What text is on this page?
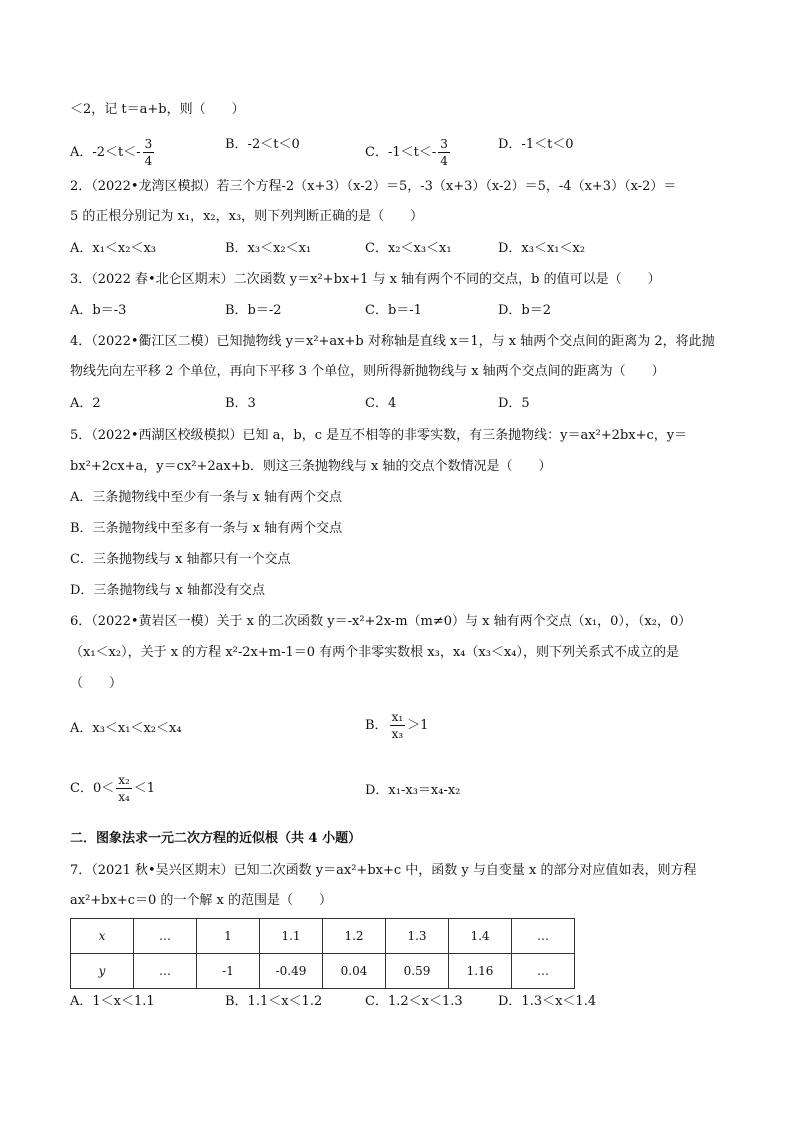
＜2，记 t＝a+b，则（　　）
A．$-2<t<- \frac{3}{4}$	B．-2＜t＜0
C．$-1<t<- \frac{3}{4}$	D．-1＜t＜0
2．（2022•龙湾区模拟）若三个方程-2（x+3）（x-2）＝5，-3（x+3）（x-2）＝5，-4（x+3）（x-2）＝
5 的正根分别记为 x₁，x₂，x₃，则下列判断正确的是（　　）
A．x₁＜x₂＜x₃	B．x₃＜x₂＜x₁	C．x₂＜x₃＜x₁	D．x₃＜x₁＜x₂
3．（2022 春•北仑区期末）二次函数 y＝x²+bx+1 与 x 轴有两个不同的交点，b 的值可以是（　　）
A．b＝-3	B．b＝-2	C．b＝-1	D．b＝2
4．（2022•衢江区二模）已知抛物线 y＝x²+ax+b 对称轴是直线 x＝1，与 x 轴两个交点间的距离为 2，将此抛
物线先向左平移 2 个单位，再向下平移 3 个单位，则所得新抛物线与 x 轴两个交点间的距离为（　　）
A．2	B．3	C．4	D．5
5．（2022•西湖区校级模拟）已知 a，b，c 是互不相等的非零实数，有三条抛物线：y＝ax²+2bx+c，y＝
bx²+2cx+a，y＝cx²+2ax+b．则这三条抛物线与 x 轴的交点个数情况是（　　）
A．三条抛物线中至少有一条与 x 轴有两个交点
B．三条抛物线中至多有一条与 x 轴有两个交点
C．三条抛物线与 x 轴都只有一个交点
D．三条抛物线与 x 轴都没有交点
6．（2022•黄岩区一模）关于 x 的二次函数 y＝-x²+2x-m（m≠0）与 x 轴有两个交点（x₁，0），（x₂，0）
（x₁＜x₂），关于 x 的方程 x²-2x+m-1＝0 有两个非零实数根 x₃，x₄（x₃＜x₄），则下列关系式不成立的是
（　　）
A．x₃＜x₁＜x₂＜x₄	B． $\frac{\text{x₁}}{\text{x₃}} >1$
C．$0< \frac{\text{x₂}}{\text{x₄}} <1$	D．x₁-x₃＝x₄-x₂
二．图象法求一元二次方程的近似根（共 4 小题）
7．（2021 秋•吴兴区期末）已知二次函数 y＝ax²+bx+c 中，函数 y 与自变量 x 的部分对应值如表，则方程
ax²+bx+c＝0 的一个解 x 的范围是（　　）
x	…	1	1.1	1.2	1.3	1.4	…
y	…	-1	-0.49	0.04	0.59	1.16	…
A．1＜x＜1.1	B．1.1＜x＜1.2	C．1.2＜x＜1.3	D．1.3＜x＜1.4
